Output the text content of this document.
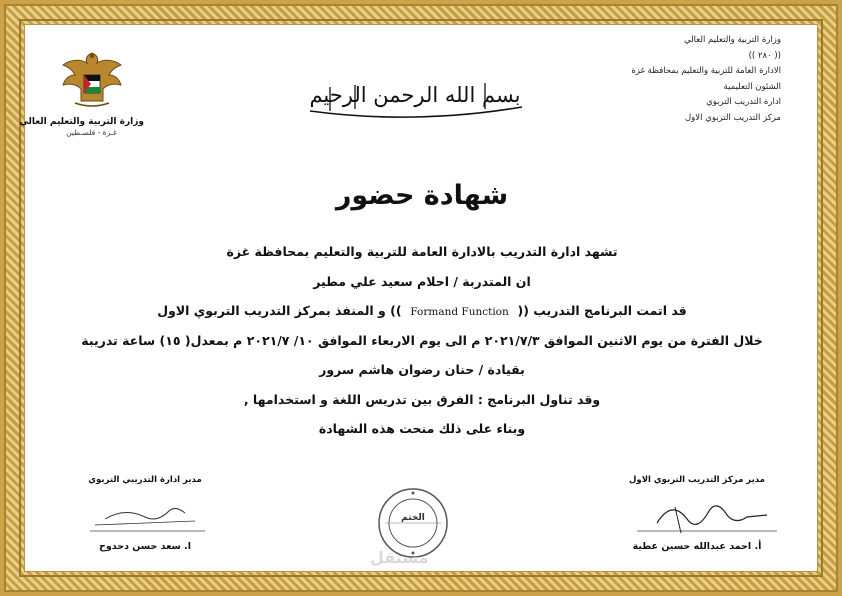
وزارة التربية والتعليم العالي
(( ٢٨٠ ))
الادارة العامة للتربية والتعليم بمحافظة غزة
الشئون التعليمية
ادارة التدريب التربوي
مركز التدريب التربوي الاول
بسم الله الرحمن الرحيم
وزارة التربية والتعليم العالي
غـزة - فلسـطين
شهادة حضور
تشهد ادارة التدريب بالادارة العامة للتربية والتعليم بمحافظة غزة
ان المتدربة / احلام سعيد علي مطير
قد اتمت البرنامج التدريب ((  Formand Function  )) و المنفذ بمركز التدريب التربوي الاول
خلال الفترة من يوم الاثنين الموافق ٢٠٢١/٧/٣ م الى يوم الاربعاء الموافق ١٠/ ٢٠٢١/٧ م بمعدل( ١٥) ساعة تدريبة
بقيادة / حنان رضوان هاشم سرور
وقد تناول البرنامج : الفرق بين تدريس اللغة و استخدامها ,
وبناء على ذلك منحت هذه الشهادة
مدير مركز التدريب التربوي الاول
أ. احمد عبدالله حسين عطية
مدير ادارة التدريبي التربوي
ا. سعد حسن دحدوح
الختم
مستقل
